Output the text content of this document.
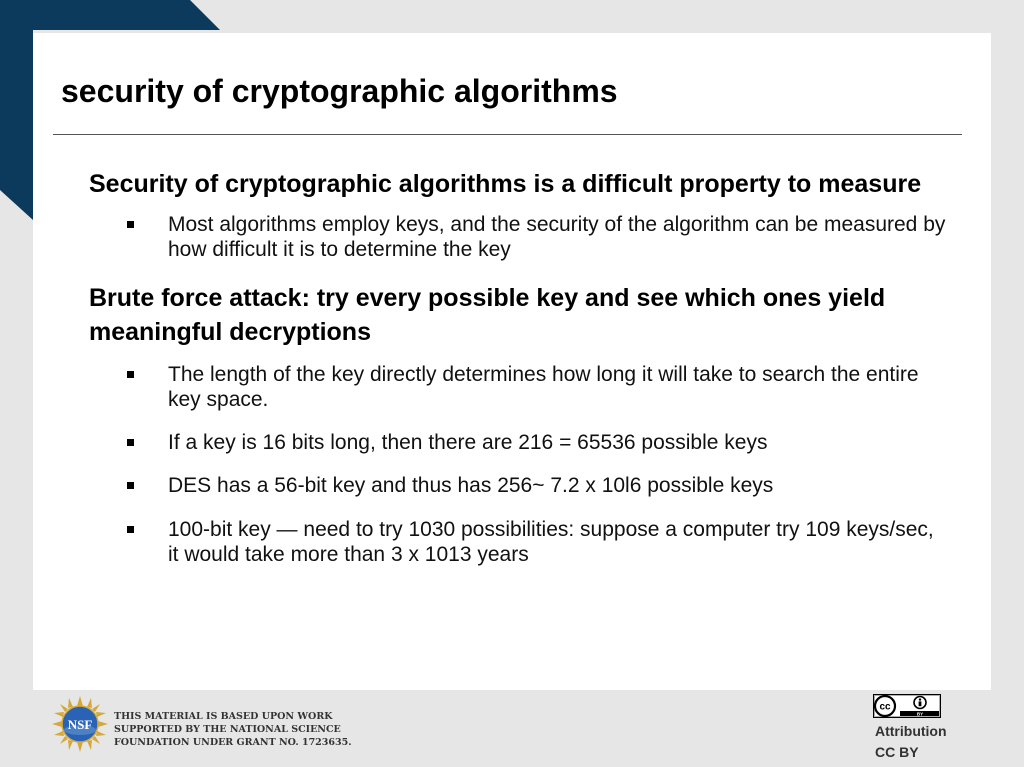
security of cryptographic algorithms

Security of cryptographic algorithms is a difficult property to measure

Most algorithms employ keys, and the security of the algorithm can be measured by how difficult it is to determine the key

Brute force attack: try every possible key and see which ones yield meaningful decryptions

The length of the key directly determines how long it will take to search the entire key space.
If a key is 16 bits long, then there are 216 = 65536 possible keys
DES has a 56-bit key and thus has 256~ 7.2 x 10l6 possible keys
100-bit key — need to try 1030 possibilities: suppose a computer try 109 keys/sec, it would take more than 3 x 1013 years
NSF
THIS MATERIAL IS BASED UPON WORK
SUPPORTED BY THE NATIONAL SCIENCE
FOUNDATION UNDER GRANT NO. 1723635.
cc
BY
Attribution
CC BY
